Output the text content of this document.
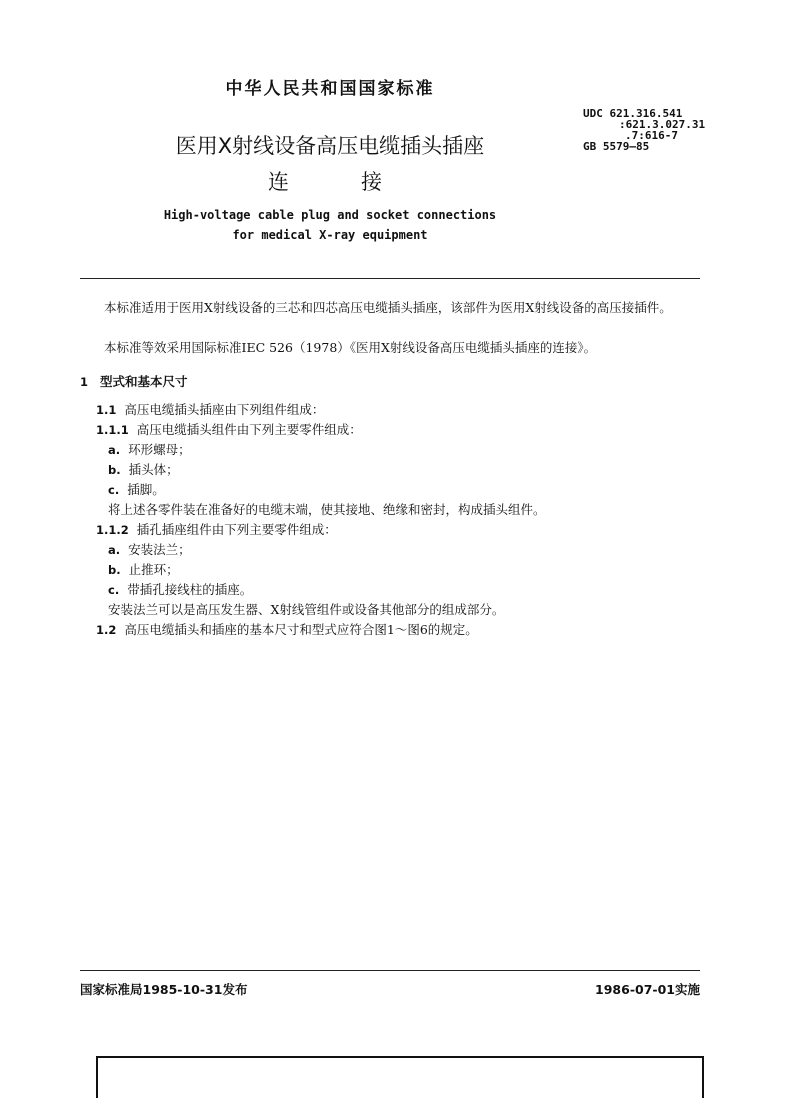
中华人民共和国国家标准
医用X射线设备高压电缆插头插座
连接
High-voltage cable plug and socket connections
for medical X-ray equipment
UDC 621.316.541
:621.3.027.31
.7:616-7
GB 5579—85
本标准适用于医用X射线设备的三芯和四芯高压电缆插头插座，该部件为医用X射线设备的高压接插件。
本标准等效采用国际标准IEC 526（1978）《医用X射线设备高压电缆插头插座的连接》。
1 型式和基本尺寸
1.1 高压电缆插头插座由下列组件组成：
1.1.1 高压电缆插头组件由下列主要零件组成：
a. 环形螺母；
b. 插头体；
c. 插脚。
将上述各零件装在准备好的电缆末端，使其接地、绝缘和密封，构成插头组件。
1.1.2 插孔插座组件由下列主要零件组成：
a. 安装法兰；
b. 止推环；
c. 带插孔接线柱的插座。
安装法兰可以是高压发生器、X射线管组件或设备其他部分的组成部分。
1.2 高压电缆插头和插座的基本尺寸和型式应符合图1～图6的规定。
国家标准局1985-10-31发布	1986-07-01实施
